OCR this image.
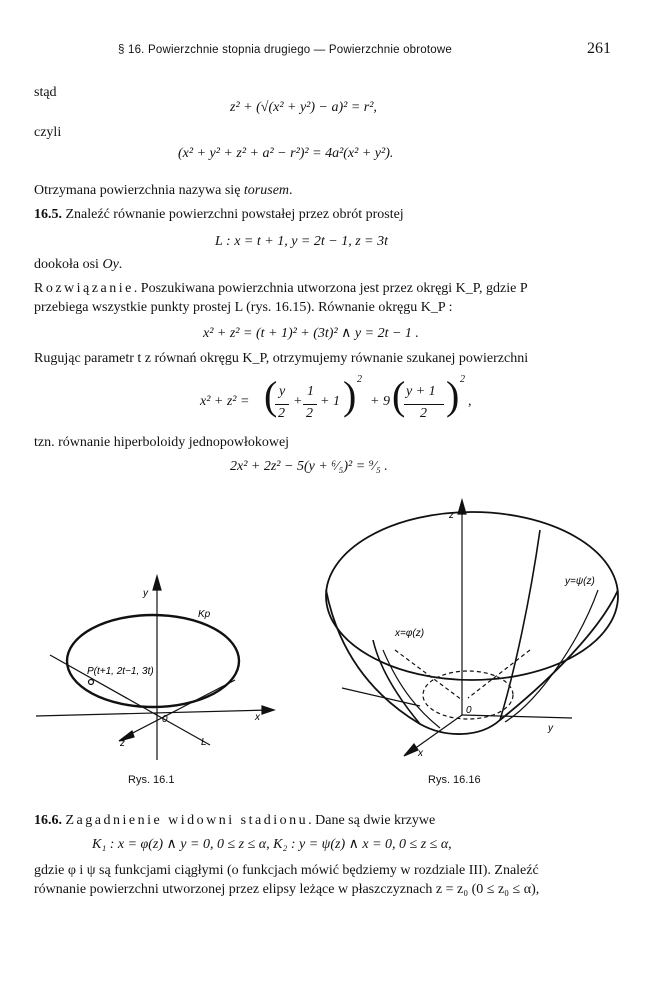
§ 16. Powierzchnie stopnia drugiego — Powierzchnie obrotowe	261
stąd
z² + (√(x² + y²) − a)² = r²,
czyli
(x² + y² + z² + a² − r²)² = 4a²(x² + y²).
Otrzymana powierzchnia nazywa się torusem.
16.5. Znaleźć równanie powierzchni powstałej przez obrót prostej
L : x = t + 1, y = 2t − 1, z = 3t
dookoła osi Oy.
Rozwiązanie. Poszukiwana powierzchnia utworzona jest przez okręgi K_P, gdzie P
przebiega wszystkie punkty prostej L (rys. 16.15). Równanie okręgu K_P :
x² + z² = (t + 1)² + (3t)² ∧ y = 2t − 1 .
Rugując parametr t z równań okręgu K_P, otrzymujemy równanie szukanej powierzchni
x² + z² = ( y
2
+
1
2
+ 1 ) 2
+ 9 ( y + 1
2 ) 2
,
tzn. równanie hiperboloidy jednopowłokowej
2x² + 2z² − 5(y + ⁶⁄₅)² = ⁹⁄₅ .
y
x
z
0
L
Kp
P(t+1, 2t−1, 3t)
Rys. 16.1
z
y
x
0
y=ψ(z)
x=φ(z)
Rys. 16.16
16.6. Zagadnienie widowni stadionu. Dane są dwie krzywe
K₁ : x = φ(z) ∧ y = 0, 0 ≤ z ≤ α, K₂ : y = ψ(z) ∧ x = 0, 0 ≤ z ≤ α,
gdzie φ i ψ są funkcjami ciągłymi (o funkcjach mówić będziemy w rozdziale III). Znaleźć
równanie powierzchni utworzonej przez elipsy leżące w płaszczyznach z = z₀ (0 ≤ z₀ ≤ α),
